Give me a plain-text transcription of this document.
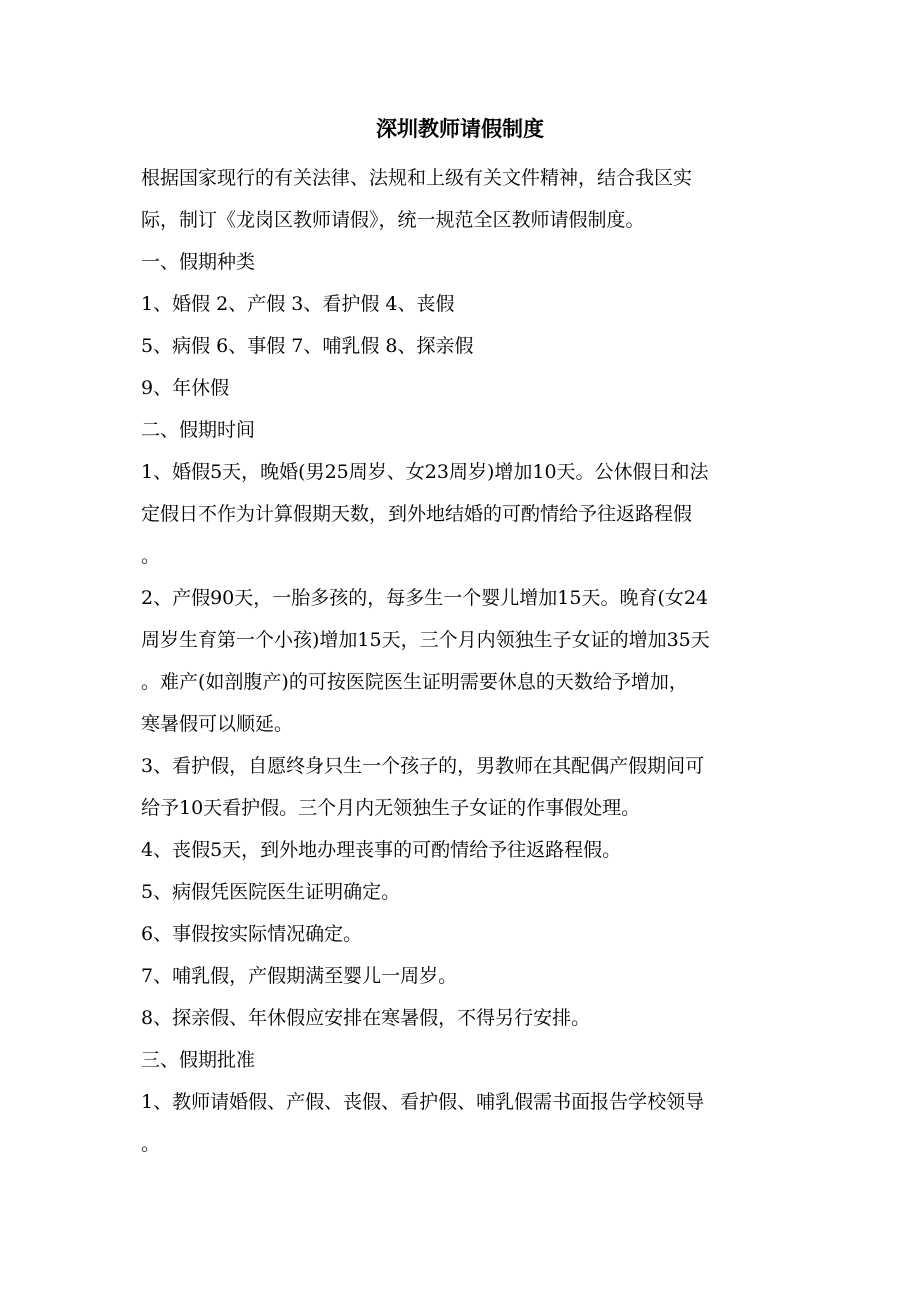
深圳教师请假制度

根据国家现行的有关法律、法规和上级有关文件精神，结合我区实

际，制订《龙岗区教师请假》，统一规范全区教师请假制度。

一、假期种类

1、婚假 2、产假 3、看护假 4、丧假

5、病假 6、事假 7、哺乳假 8、探亲假

9、年休假

二、假期时间

1、婚假5天，晚婚(男25周岁、女23周岁)增加10天。公休假日和法

定假日不作为计算假期天数，到外地结婚的可酌情给予往返路程假

。

2、产假90天，一胎多孩的，每多生一个婴儿增加15天。晚育(女24

周岁生育第一个小孩)增加15天，三个月内领独生子女证的增加35天

。难产(如剖腹产)的可按医院医生证明需要休息的天数给予增加，

寒暑假可以顺延。

3、看护假，自愿终身只生一个孩子的，男教师在其配偶产假期间可

给予10天看护假。三个月内无领独生子女证的作事假处理。

4、丧假5天，到外地办理丧事的可酌情给予往返路程假。

5、病假凭医院医生证明确定。

6、事假按实际情况确定。

7、哺乳假，产假期满至婴儿一周岁。

8、探亲假、年休假应安排在寒暑假，不得另行安排。

三、假期批准

1、教师请婚假、产假、丧假、看护假、哺乳假需书面报告学校领导

。
